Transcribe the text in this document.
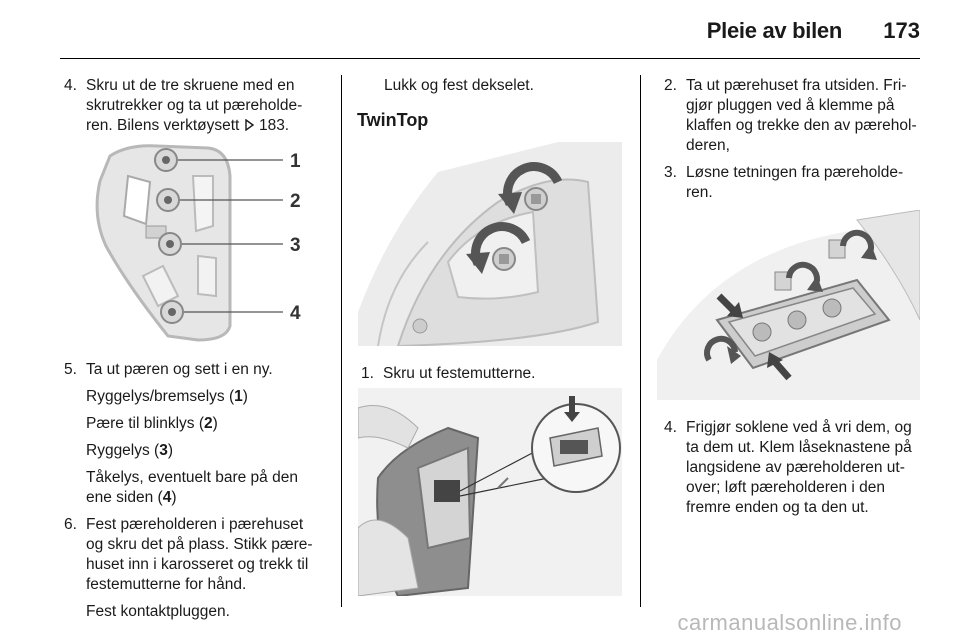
Pleie av bilen 173
4. Skru ut de tre skruene med en
skrutrekker og ta ut pæreholde-
ren. Bilens verktøysett  183.
1
2
3
4
5. Ta ut pæren og sett i en ny.
Ryggelys/bremselys (1)
Pære til blinklys (2)
Ryggelys (3)
Tåkelys, eventuelt bare på den
ene siden (4)
6. Fest pæreholderen i pærehuset
og skru det på plass. Stikk pære-
huset inn i karosseret og trekk til
festemutterne for hånd.
Fest kontaktpluggen.
Lukk og fest dekselet.
TwinTop
1. Skru ut festemutterne.
2. Ta ut pærehuset fra utsiden. Fri-
gjør pluggen ved å klemme på
klaffen og trekke den av pærehol-
deren,
3. Løsne tetningen fra pæreholde-
ren.
4. Frigjør soklene ved å vri dem, og
ta dem ut. Klem låseknastene på
langsidene av pæreholderen ut-
over; løft pæreholderen i den
fremre enden og ta den ut.
carmanualsonline.info
